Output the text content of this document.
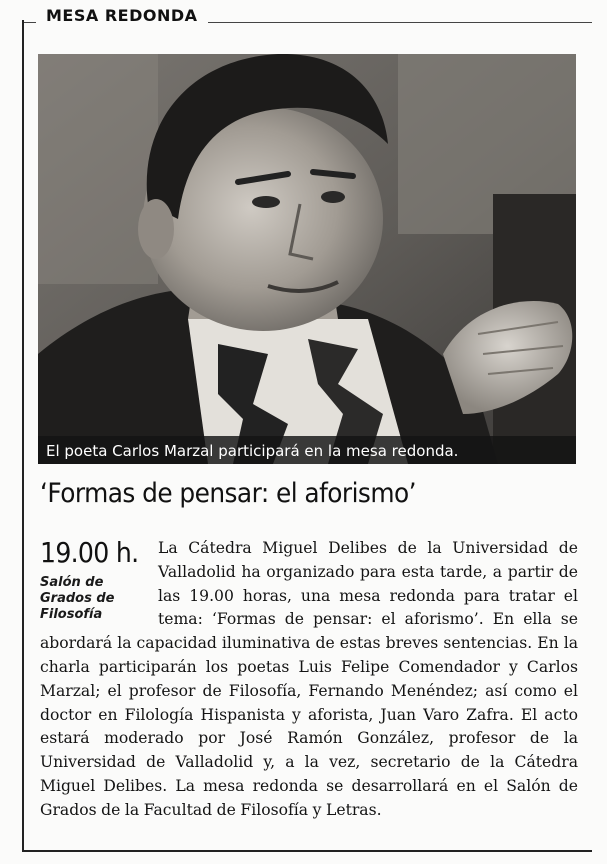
MESA REDONDA
El poeta Carlos Marzal participará en la mesa redonda.
‘Formas de pensar: el aforismo’
La Cátedra Miguel Delibes de la Universidad de Valladolid ha organizado para esta tarde, a partir de las 19.00 horas, una mesa redonda para tratar el tema: ‘Formas de pensar: el aforismo’. En ella se abordará la capacidad iluminativa de estas breves sentencias. En la charla participarán los poetas Luis Felipe Comendador y Carlos Marzal; el profesor de Filosofía, Fernando Menéndez; así como el doctor en Filología Hispanista y aforista, Juan Varo Zafra. El acto estará moderado por José Ramón González, profesor de la Universidad de Valladolid y, a la vez, secretario de la Cátedra Miguel Delibes. La mesa redonda se desarrollará en el Salón de Grados de la Facultad de Filosofía y Letras.
19.00 h.
Salón de Grados de Filosofía
